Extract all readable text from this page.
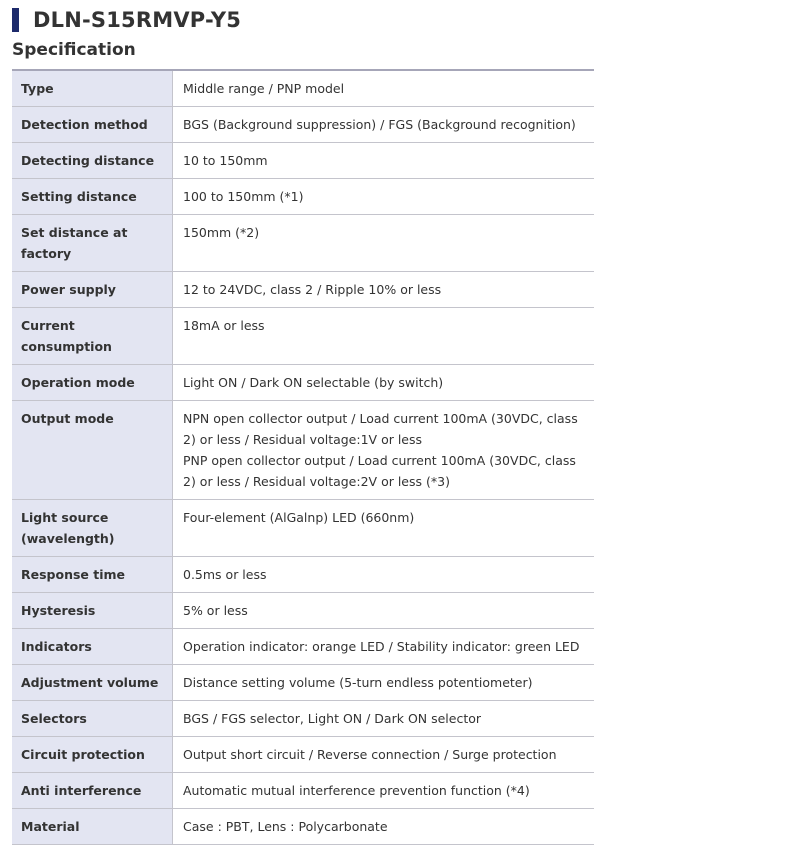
DLN-S15RMVP-Y5
Specification
Type	Middle range / PNP model
Detection method	BGS (Background suppression) / FGS (Background recognition)
Detecting distance	10 to 150mm
Setting distance	100 to 150mm (*1)
Set distance at factory	150mm (*2)
Power supply	12 to 24VDC, class 2 / Ripple 10% or less
Current consumption	18mA or less
Operation mode	Light ON / Dark ON selectable (by switch)
Output mode	NPN open collector output / Load current 100mA (30VDC, class 2) or less / Residual voltage:1V or less
PNP open collector output / Load current 100mA (30VDC, class 2) or less / Residual voltage:2V or less (*3)

Light source (wavelength)	Four-element (AlGalnp) LED (660nm)
Response time	0.5ms or less
Hysteresis	5% or less
Indicators	Operation indicator: orange LED / Stability indicator: green LED
Adjustment volume	Distance setting volume (5-turn endless potentiometer)
Selectors	BGS / FGS selector, Light ON / Dark ON selector
Circuit protection	Output short circuit / Reverse connection / Surge protection
Anti interference	Automatic mutual interference prevention function (*4)
Material	Case : PBT, Lens : Polycarbonate
